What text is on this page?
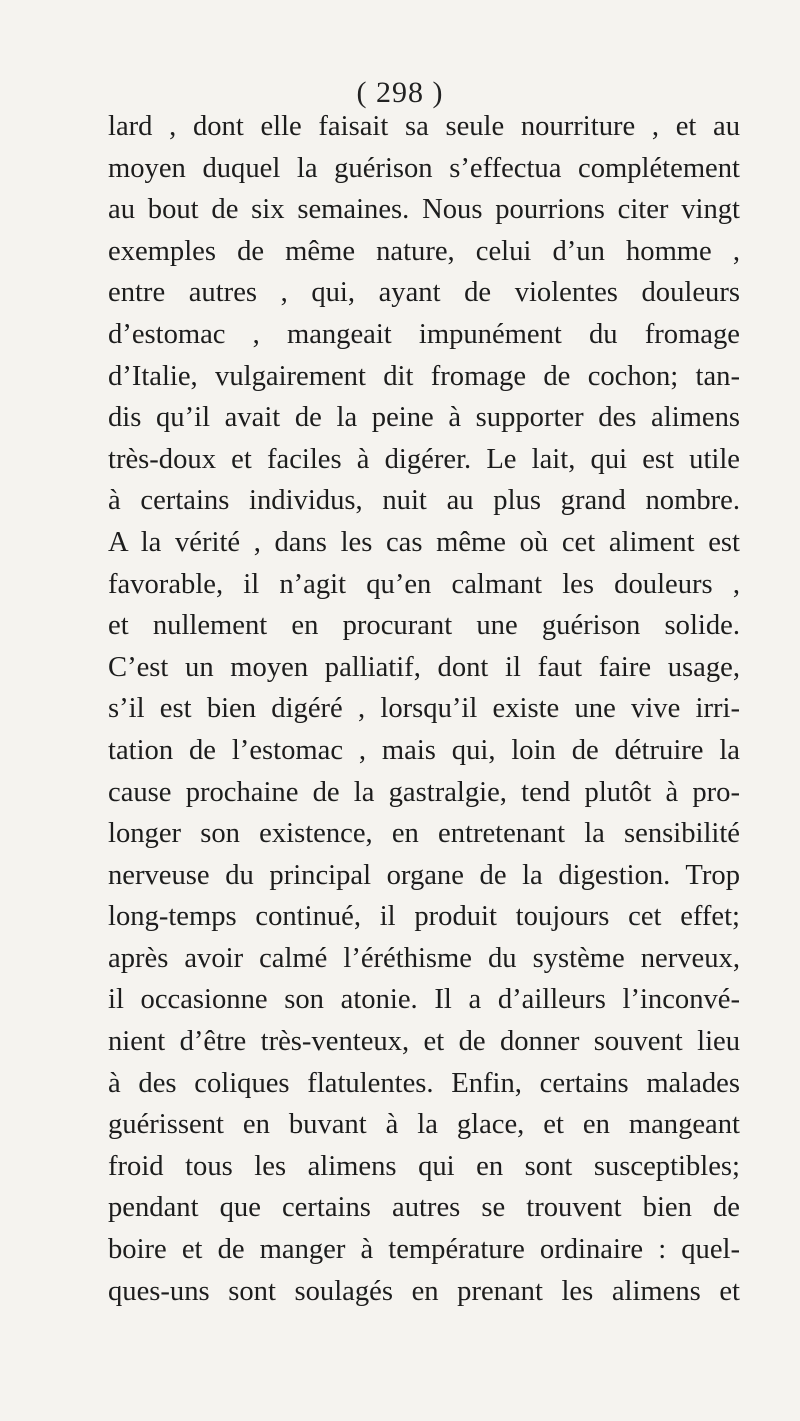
( 298 )
lard , dont elle faisait sa seule nourriture , et au
moyen duquel la guérison s’effectua complétement
au bout de six semaines. Nous pourrions citer vingt
exemples de même nature, celui d’un homme ,
entre autres , qui, ayant de violentes douleurs
d’estomac , mangeait impunément du fromage
d’Italie, vulgairement dit fromage de cochon; tan-
dis qu’il avait de la peine à supporter des alimens
très-doux et faciles à digérer. Le lait, qui est utile
à certains individus, nuit au plus grand nombre.
A la vérité , dans les cas même où cet aliment est
favorable, il n’agit qu’en calmant les douleurs ,
et nullement en procurant une guérison solide.
C’est un moyen palliatif, dont il faut faire usage,
s’il est bien digéré , lorsqu’il existe une vive irri-
tation de l’estomac , mais qui, loin de détruire la
cause prochaine de la gastralgie, tend plutôt à pro-
longer son existence, en entretenant la sensibilité
nerveuse du principal organe de la digestion. Trop
long-temps continué, il produit toujours cet effet;
après avoir calmé l’éréthisme du système nerveux,
il occasionne son atonie. Il a d’ailleurs l’inconvé-
nient d’être très-venteux, et de donner souvent lieu
à des coliques flatulentes. Enfin, certains malades
guérissent en buvant à la glace, et en mangeant
froid tous les alimens qui en sont susceptibles;
pendant que certains autres se trouvent bien de
boire et de manger à température ordinaire : quel-
ques-uns sont soulagés en prenant les alimens et
